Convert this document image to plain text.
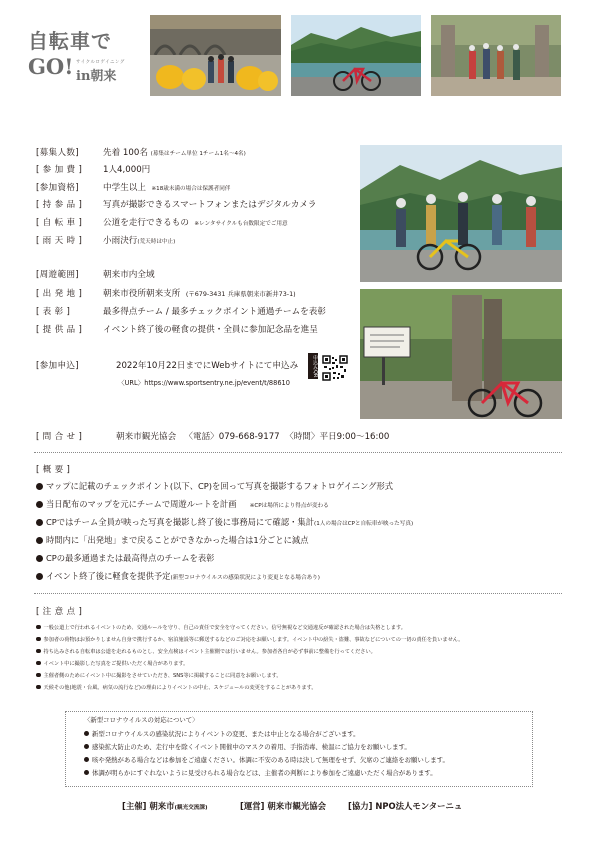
自転車で
GO! サイクルロゲイニング
in朝来
[募集人数]	先着 100名 (募集はチーム単位 1チーム1名〜4名)
[ 参 加 費 ] 1人4,000円
[参加資格]	中学生以上 ※18歳未満の場合は保護者同伴
[ 持 参 品 ] 写真が撮影できるスマートフォンまたはデジタルカメラ
[ 自 転 車 ] 公道を走行できるもの ※レンタサイクルも台数限定でご用意
[ 雨 天 時 ] 小雨決行(荒天時は中止)
[周遊範囲]	朝来市内全域
[ 出 発 地 ] 朝来市役所朝来支所 (〒679-3431 兵庫県朝来市新井73-1)
[ 表 彰 ]	最多得点チーム / 最多チェックポイント通過チームを表彰
[ 提 供 品 ] イベント終了後の軽食の提供・全員に参加記念品を進呈
[参加申込]	2022年10月22日までにWebサイトにて申込み	申込みQR
〈URL〉https://www.sportsentry.ne.jp/event/t/88610
[ 問 合 せ ]	朝来市観光協会 〈電話〉079-668-9177 〈時間〉平日9:00〜16:00
[ 概 要 ]
マップに記載のチェックポイント(以下、CP)を回って写真を撮影するフォトロゲイニング形式
当日配布のマップを元にチームで周遊ルートを計画 ※CPは場所により得点が変わる
CPではチーム全員が映った写真を撮影し終了後に事務局にて確認・集計(1人の場合はCPと自転車が映った写真)
時間内に「出発地」まで戻ることができなかった場合は1分ごとに減点
CPの最多通過または最高得点のチームを表彰
イベント終了後に軽食を提供予定(新型コロナウイルスの感染状況により変更となる場合あり)
[ 注 意 点 ]
一般公道上で行われるイベントのため、交通ルールを守り、自己の責任で安全を守ってください。信号無視など交通違反が確認された場合は失格とします。
参加者の荷物はお預かりしません自身で携行するか、宿泊施設等に郵送するなどのご対応をお願いします。イベント中の紛失・盗難、事故などについての一切の責任を負いません。
持ち込みされる自転車は公道を走れるものとし、安全点検はイベント主催側では行いません。参加者各自が必ず事前に整備を行ってください。
イベント中に撮影した写真をご提供いただく場合があります。
主催者側のためにイベント中に撮影をさせていただき、SNS等に掲載することに同意をお願いします。
天候その他(地震・台風、病気の流行など)の理由によりイベントの中止、スケジュールの変更をすることがあります。
〈新型コロナウイルスの対応について〉
新型コロナウイルスの感染状況によりイベントの変更、または中止となる場合がございます。
感染拡大防止のため、走行中を除くイベント開催中のマスクの着用、手指消毒、検温にご協力をお願いします。
咳や発熱がある場合などは参加をご遠慮ください。体調に不安のある時は決して無理をせず、欠席のご連絡をお願いします。
体調が明らかにすぐれないように見受けられる場合などは、主催者の判断により参加をご遠慮いただく場合があります。
[主催] 朝来市(観光交流課)	[運営] 朝来市観光協会	[協力] NPO法人モンターニュ
